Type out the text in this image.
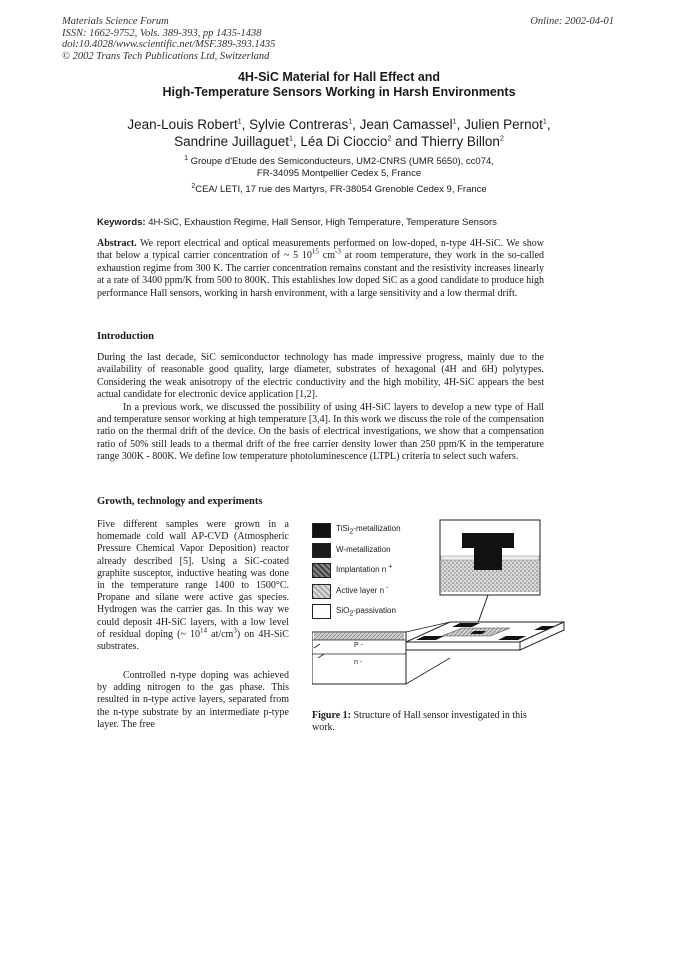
Materials Science Forum	Online: 2002-04-01
ISSN: 1662-9752, Vols. 389-393, pp 1435-1438
doi:10.4028/www.scientific.net/MSF.389-393.1435
© 2002 Trans Tech Publications Ltd, Switzerland
4H-SiC Material for Hall Effect and
High-Temperature Sensors Working in Harsh Environments
Jean-Louis Robert$^1$, Sylvie Contreras$^1$, Jean Camassel$^1$, Julien Pernot$^1$,
Sandrine Juillaguet$^1$, Léa Di Cioccio$^2$ and Thierry Billon$^2$
$^1$ Groupe d'Etude des Semiconducteurs, UM2-CNRS (UMR 5650), cc074,
FR-34095 Montpellier Cedex 5, France
$^2$CEA/ LETI, 17 rue des Martyrs, FR-38054 Grenoble Cedex 9, France
Keywords: 4H-SiC, Exhaustion Regime, Hall Sensor, High Temperature, Temperature Sensors
Abstract. We report electrical and optical measurements performed on low-doped, n-type 4H-SiC. We show that below a typical carrier concentration of ~ 5 $10^{15}$ $cm^{-3}$ at room temperature, they work in the so-called exhaustion regime from 300 K. The carrier concentration remains constant and the resistivity increases linearly at a rate of 3400 ppm/K from 500 to 800K. This establishes low doped SiC as a good candidate to produce high performance Hall sensors, working in harsh environment, with a large sensitivity and a low thermal drift.
Introduction
During the last decade, SiC semiconductor technology has made impressive progress, mainly due to the availability of reasonable good quality, large diameter, substrates of hexagonal (4H and 6H) polytypes. Considering the weak anisotropy of the electric conductivity and the high mobility, 4H-SiC appears the best actual candidate for electronic device application [1,2].
In a previous work, we discussed the possibility of using 4H-SiC layers to develop a new type of Hall and temperature sensor working at high temperature [3,4]. In this work we discuss the role of the compensation ratio on the thermal drift of the device. On the basis of electrical investigations, we show that a compensation ratio of 50% still leads to a thermal drift of the free carrier density lower than 250 ppm/K in the temperature range 300K - 800K. We define low temperature photoluminescence (LTPL) criteria to select such wafers.
Growth, technology and experiments
Five different samples were grown in a homemade cold wall AP-CVD (Atmospheric Pressure Chemical Vapor Deposition) reactor already described [5]. Using a SiC-coated graphite susceptor, inductive heating was done in the temperature range 1400 to 1500°C. Propane and silane were active gas species. Hydrogen was the carrier gas. In this way we could deposit 4H-SiC layers, with a low level of residual doping (~ $10^{14}$ $at/cm^3$) on 4H-SiC substrates.
Controlled n-type doping was achieved by adding nitrogen to the gas phase. This resulted in n-type active layers, separated from the n-type substrate by an intermediate p-type layer. The free
TiSi$_2$-metallization
W-metallization
Implantation n +
Active layer n -
SiO$_2$-passivation
P -
n -
Figure 1: Structure of Hall sensor investigated in this work.
